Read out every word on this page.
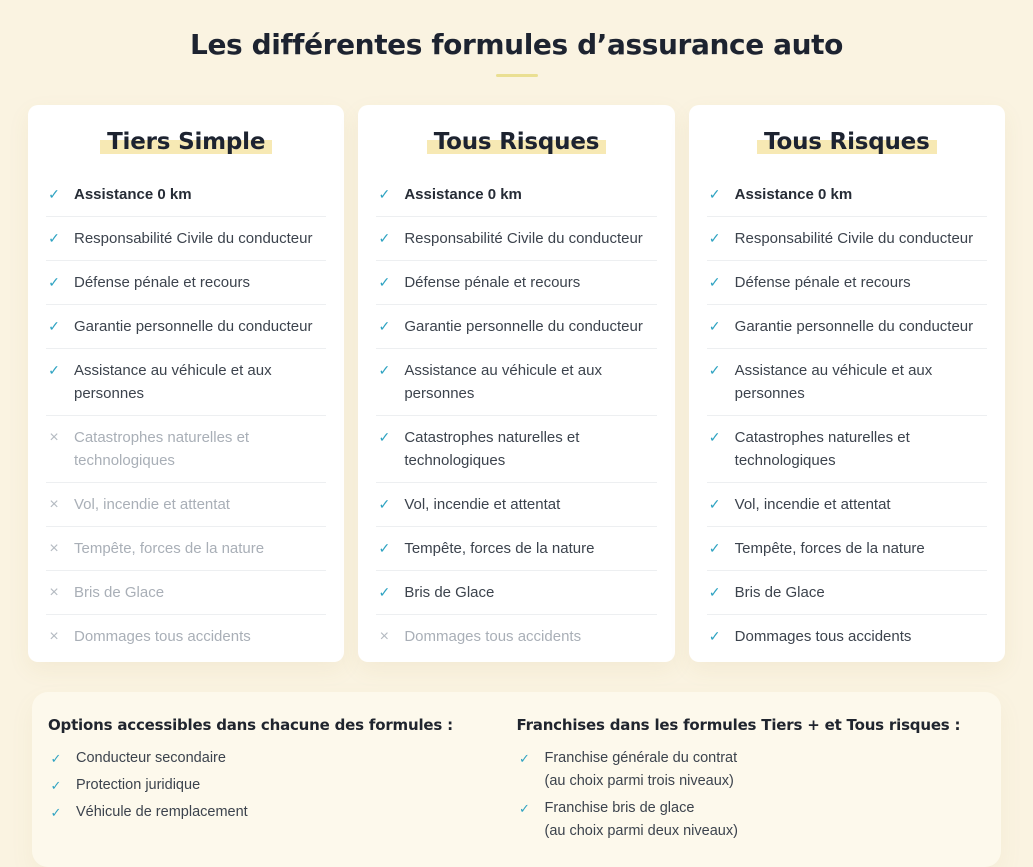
Les différentes formules d’assurance auto
Tiers Simple
✓ Assistance 0 km
✓ Responsabilité Civile du conducteur
✓ Défense pénale et recours
✓ Garantie personnelle du conducteur
✓ Assistance au véhicule et aux personnes
× Catastrophes naturelles et technologiques
× Vol, incendie et attentat
× Tempête, forces de la nature
× Bris de Glace
× Dommages tous accidents
Tous Risques
✓ Assistance 0 km
✓ Responsabilité Civile du conducteur
✓ Défense pénale et recours
✓ Garantie personnelle du conducteur
✓ Assistance au véhicule et aux personnes
✓ Catastrophes naturelles et technologiques
✓ Vol, incendie et attentat
✓ Tempête, forces de la nature
✓ Bris de Glace
× Dommages tous accidents
Tous Risques
✓ Assistance 0 km
✓ Responsabilité Civile du conducteur
✓ Défense pénale et recours
✓ Garantie personnelle du conducteur
✓ Assistance au véhicule et aux personnes
✓ Catastrophes naturelles et technologiques
✓ Vol, incendie et attentat
✓ Tempête, forces de la nature
✓ Bris de Glace
✓ Dommages tous accidents
Options accessibles dans chacune des formules :
✓ Conducteur secondaire
✓ Protection juridique
✓ Véhicule de remplacement
Franchises dans les formules Tiers + et Tous risques :
✓ Franchise générale du contrat
(au choix parmi trois niveaux)
✓ Franchise bris de glace
(au choix parmi deux niveaux)
